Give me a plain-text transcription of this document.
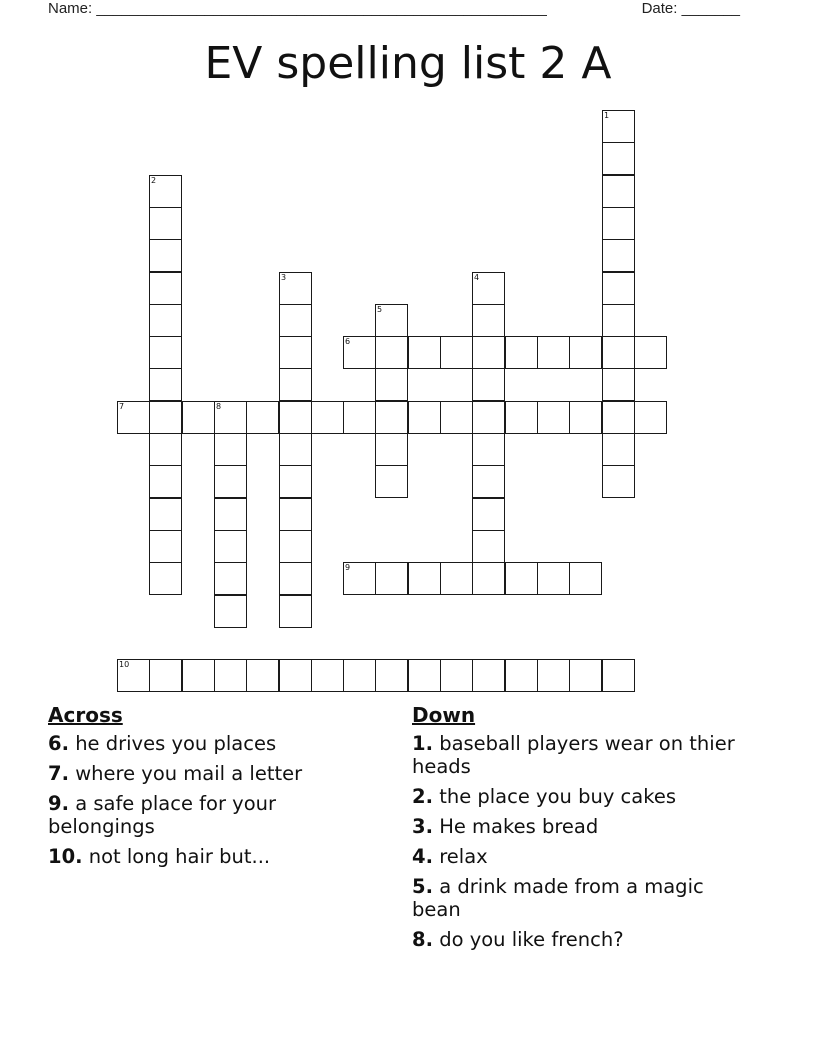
Name: ______________________________________________________	Date: _______
EV spelling list 2 A
1
2
3	4
5
6
7	8
9
10
Across
6. he drives you places
7. where you mail a letter
9. a safe place for your belongings
10. not long hair but...
Down
1. baseball players wear on thier heads
2. the place you buy cakes
3. He makes bread
4. relax
5. a drink made from a magic bean
8. do you like french?
